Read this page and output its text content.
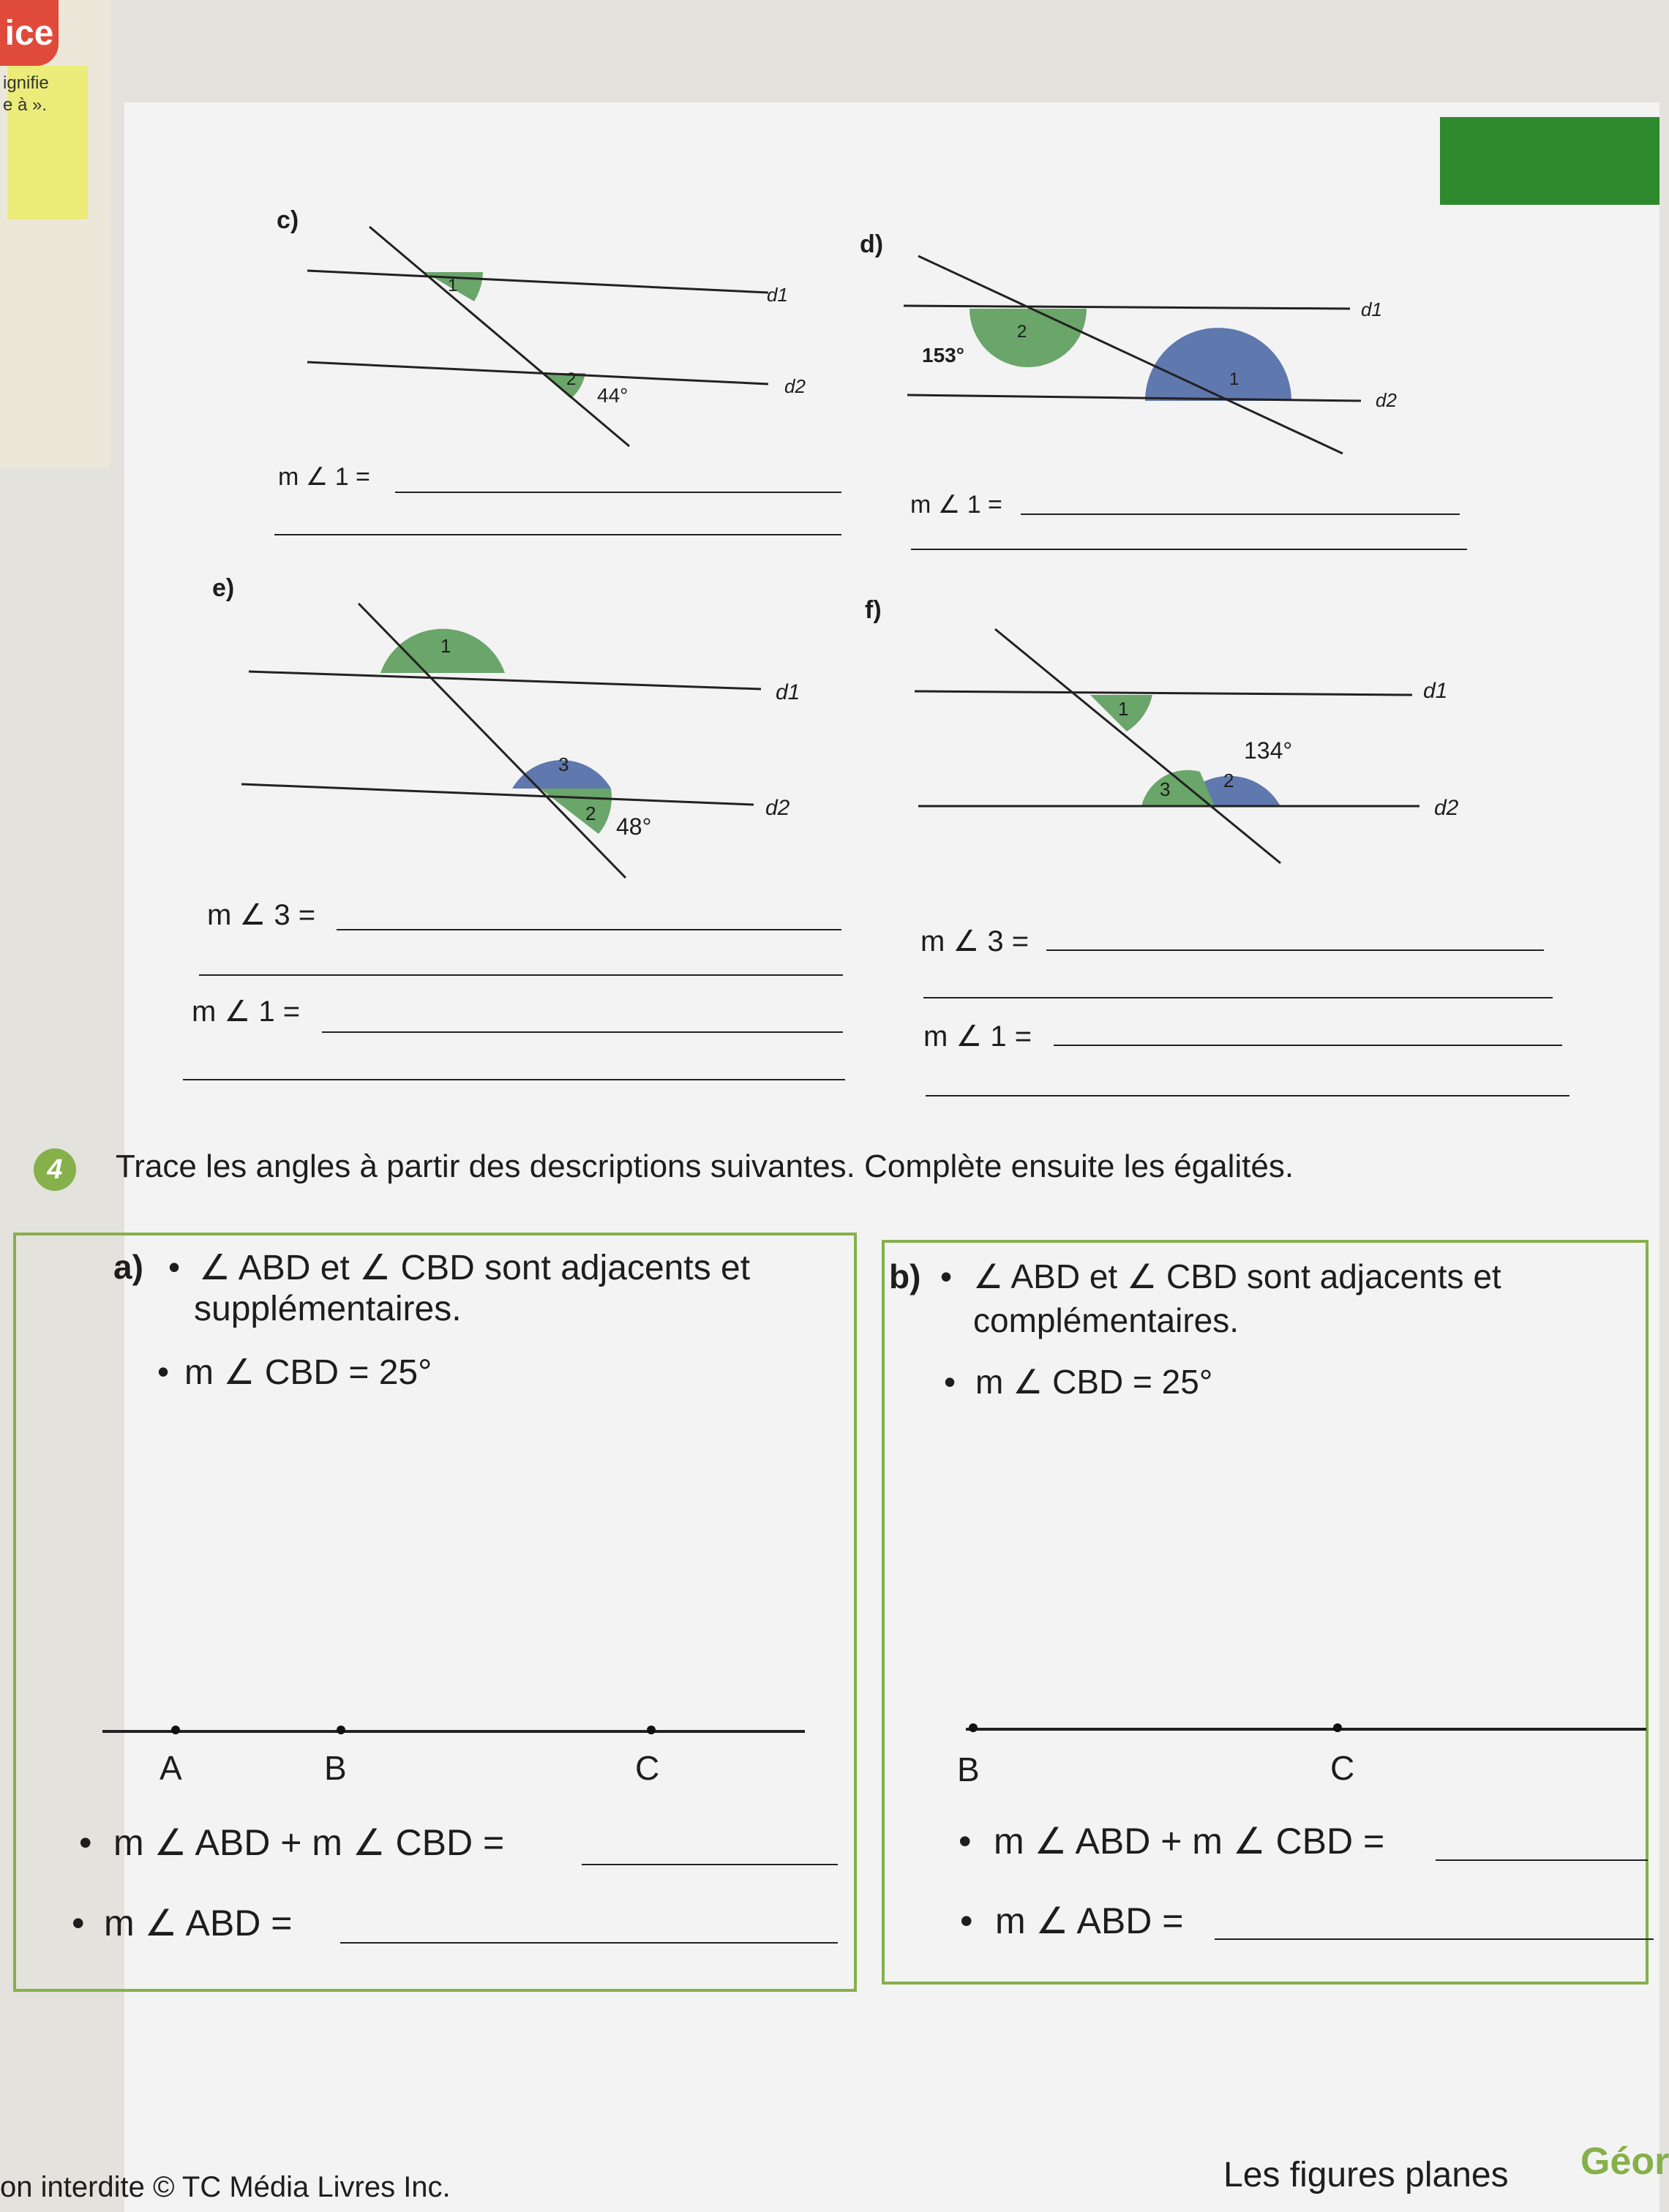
ice
ignifie
e à ».
c)
1
2
44°
d1
d2
m ∠ 1 =
d)
2
1
153°
d1
d2
m ∠ 1 =
e)
1
3
2 48°
d1
d2
m ∠ 3 =
m ∠ 1 =
f)
1
3	2
134°
d1
d2
m ∠ 3 =
m ∠ 1 =
4	Trace les angles à partir des descriptions suivantes. Complète ensuite les égalités.
a) • ∠ ABD et ∠ CBD sont adjacents et
supplémentaires.
• m ∠ CBD = 25°
A	B	C
• m ∠ ABD + m ∠ CBD =
• m ∠ ABD =
b) • ∠ ABD et ∠ CBD sont adjacents et
complémentaires.
• m ∠ CBD = 25°
B	C
• m ∠ ABD + m ∠ CBD =
• m ∠ ABD =
on interdite © TC Média Livres Inc.	Les figures planes Géor
